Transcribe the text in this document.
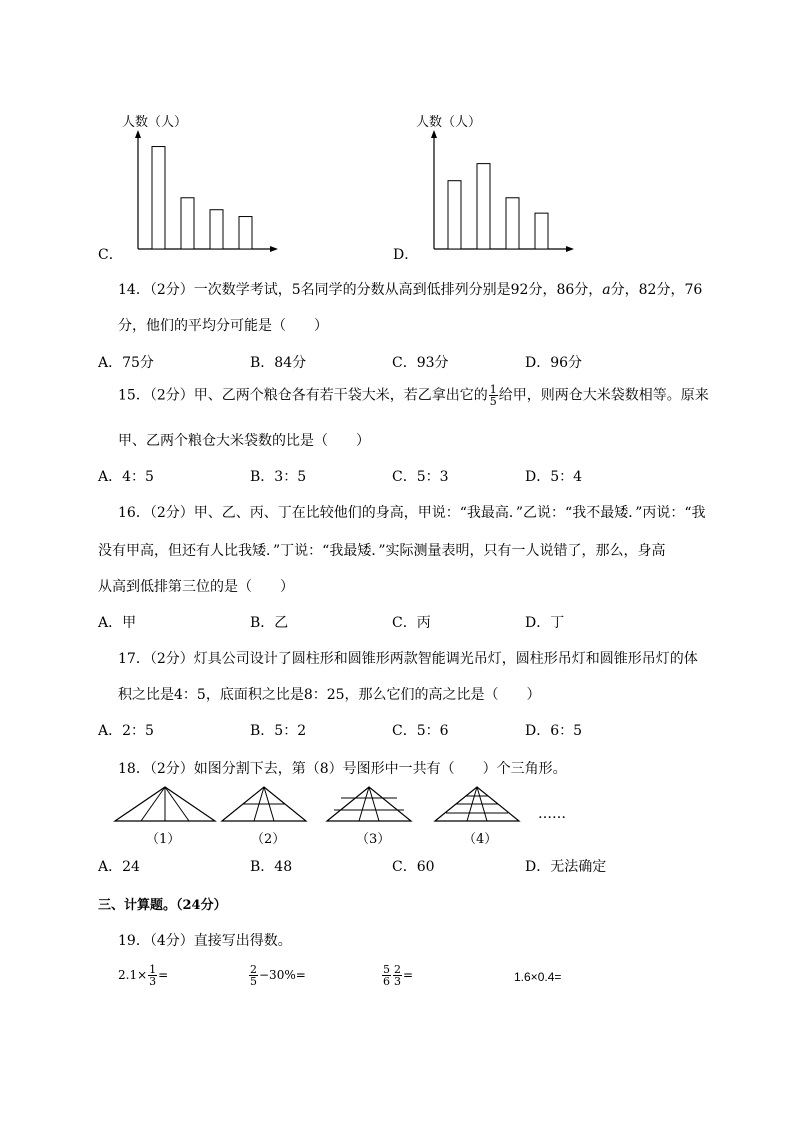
人数（人）
C．
人数（人）
D．
14．（2分）一次数学考试，5名同学的分数从高到低排列分别是92分，86分，a分，82分，76
分，他们的平均分可能是（　　）
A．75分	B．84分	C．93分	D．96分
15．（2分）甲、乙两个粮仓各有若干袋大米，若乙拿出它的 $\frac{1}{5}$ 给甲，则两仓大米袋数相等。原来
甲、乙两个粮仓大米袋数的比是（　　）
A．4：5	B．3：5	C．5：3	D．5：4
16．（2分）甲、乙、丙、丁在比较他们的身高，甲说：“我最高．”乙说：“我不最矮．”丙说：“我
没有甲高，但还有人比我矮．”丁说：“我最矮．”实际测量表明，只有一人说错了，那么，身高
从高到低排第三位的是（　　）
A．甲	B．乙	C．丙	D．丁
17．（2分）灯具公司设计了圆柱形和圆锥形两款智能调光吊灯，圆柱形吊灯和圆锥形吊灯的体
积之比是4：5，底面积之比是8：25，那么它们的高之比是（　　）
A．2：5	B．5：2	C．5：6	D．6：5
18．（2分）如图分割下去，第（8）号图形中一共有（　　）个三角形。
（1）	（2）	（3）	（4）
……
A．24	B．48	C．60	D．无法确定
三、计算题。（24分）
19．（4分）直接写出得数。
$2.1\times \frac{1}{3}$ =	$\frac{2}{5} -30\%=$	$\frac{5}{6} \frac{2}{3}$ =	1.6×0.4=
